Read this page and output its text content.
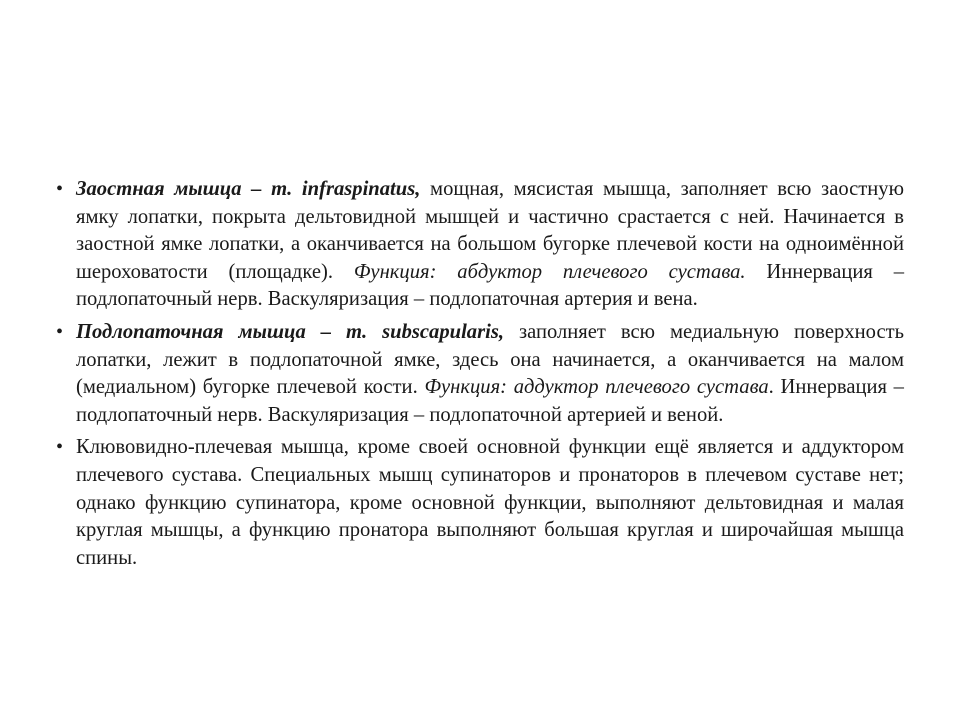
• Заостная мышца – m. infraspinatus, мощная, мясистая мышца, заполняет всю заостную ямку лопатки, покрыта дельтовидной мышцей и частично срастается с ней. Начинается в заостной ямке лопатки, а оканчивается на большом бугорке плечевой кости на одноимённой шероховатости (площадке). Функция: абдуктор плечевого сустава. Иннервация – подлопаточный нерв. Васкуляризация – подлопаточная артерия и вена.
• Подлопаточная мышца – m. subscapularis, заполняет всю медиальную поверхность лопатки, лежит в подлопаточной ямке, здесь она начинается, а оканчивается на малом (медиальном) бугорке плечевой кости. Функция: аддуктор плечевого сустава. Иннервация – подлопаточный нерв. Васкуляризация – подлопаточной артерией и веной.
• Клювовидно-плечевая мышца, кроме своей основной функции ещё является и аддуктором плечевого сустава. Специальных мышц супинаторов и пронаторов в плечевом суставе нет; однако функцию супинатора, кроме основной функции, выполняют дельтовидная и малая круглая мышцы, а функцию пронатора выполняют большая круглая и широчайшая мышца спины.
